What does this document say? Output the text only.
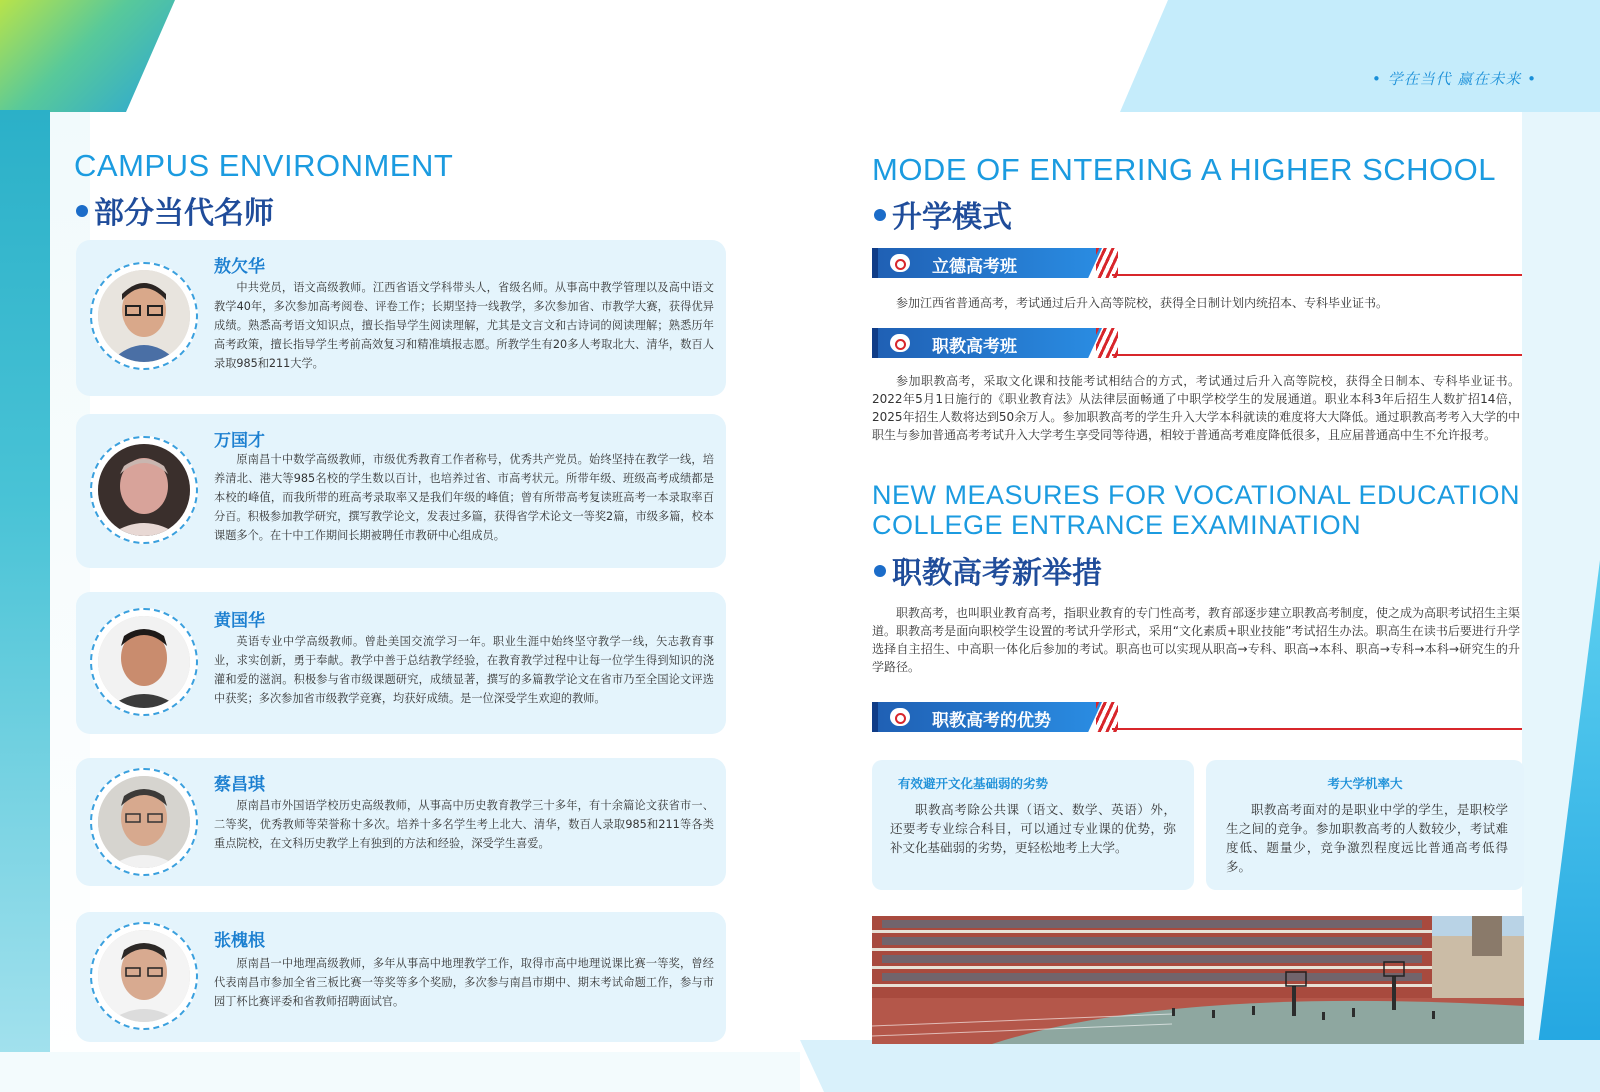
• 学在当代 赢在未来 •
CAMPUS ENVIRONMENT
部分当代名师
敖欠华
中共党员，语文高级教师。江西省语文学科带头人，省级名师。从事高中教学管理以及高中语文教学40年，多次参加高考阅卷、评卷工作；长期坚持一线教学，多次参加省、市教学大赛，获得优异成绩。熟悉高考语文知识点，擅长指导学生阅读理解，尤其是文言文和古诗词的阅读理解；熟悉历年高考政策，擅长指导学生考前高效复习和精准填报志愿。所教学生有20多人考取北大、清华，数百人录取985和211大学。
万国才
原南昌十中数学高级教师，市级优秀教育工作者称号，优秀共产党员。始终坚持在教学一线，培养清北、港大等985名校的学生数以百计，也培养过省、市高考状元。所带年级、班级高考成绩都是本校的峰值，而我所带的班高考录取率又是我们年级的峰值；曾有所带高考复读班高考一本录取率百分百。积极参加教学研究，撰写教学论文，发表过多篇，获得省学术论文一等奖2篇，市级多篇，校本课题多个。在十中工作期间长期被聘任市教研中心组成员。
黄国华
英语专业中学高级教师。曾赴美国交流学习一年。职业生涯中始终坚守教学一线，矢志教育事业，求实创新，勇于奉献。教学中善于总结教学经验，在教育教学过程中让每一位学生得到知识的浇灌和爱的滋润。积极参与省市级课题研究，成绩显著，撰写的多篇教学论文在省市乃至全国论文评选中获奖；多次参加省市级教学竞赛，均获好成绩。是一位深受学生欢迎的教师。
蔡昌琪
原南昌市外国语学校历史高级教师，从事高中历史教育教学三十多年，有十余篇论文获省市一、二等奖，优秀教师等荣誉称十多次。培养十多名学生考上北大、清华，数百人录取985和211等各类重点院校，在文科历史教学上有独到的方法和经验，深受学生喜爱。
张槐根
原南昌一中地理高级教师，多年从事高中地理教学工作，取得市高中地理说课比赛一等奖，曾经代表南昌市参加全省三板比赛一等奖等多个奖励，多次参与南昌市期中、期末考试命题工作，参与市园丁杯比赛评委和省教师招聘面试官。
MODE OF ENTERING A HIGHER SCHOOL
升学模式
立德高考班
参加江西省普通高考，考试通过后升入高等院校，获得全日制计划内统招本、专科毕业证书。
职教高考班
参加职教高考，采取文化课和技能考试相结合的方式，考试通过后升入高等院校，获得全日制本、专科毕业证书。2022年5月1日施行的《职业教育法》从法律层面畅通了中职学校学生的发展通道。职业本科3年后招生人数扩招14倍，2025年招生人数将达到50余万人。参加职教高考的学生升入大学本科就读的难度将大大降低。通过职教高考考入大学的中职生与参加普通高考考试升入大学考生享受同等待遇，相较于普通高考难度降低很多，且应届普通高中生不允许报考。
NEW MEASURES FOR VOCATIONAL EDUCATION
COLLEGE ENTRANCE EXAMINATION
职教高考新举措
职教高考，也叫职业教育高考，指职业教育的专门性高考，教育部逐步建立职教高考制度，使之成为高职考试招生主渠道。职教高考是面向职校学生设置的考试升学形式，采用“文化素质+职业技能”考试招生办法。职高生在读书后要进行升学选择自主招生、中高职一体化后参加的考试。职高也可以实现从职高→专科、职高→本科、职高→专科→本科→研究生的升学路径。
职教高考的优势
有效避开文化基础弱的劣势
职教高考除公共课（语文、数学、英语）外，还要考专业综合科目，可以通过专业课的优势，弥补文化基础弱的劣势，更轻松地考上大学。
考大学机率大
职教高考面对的是职业中学的学生，是职校学生之间的竞争。参加职教高考的人数较少，考试难度低、题量少，竞争激烈程度远比普通高考低得多。
